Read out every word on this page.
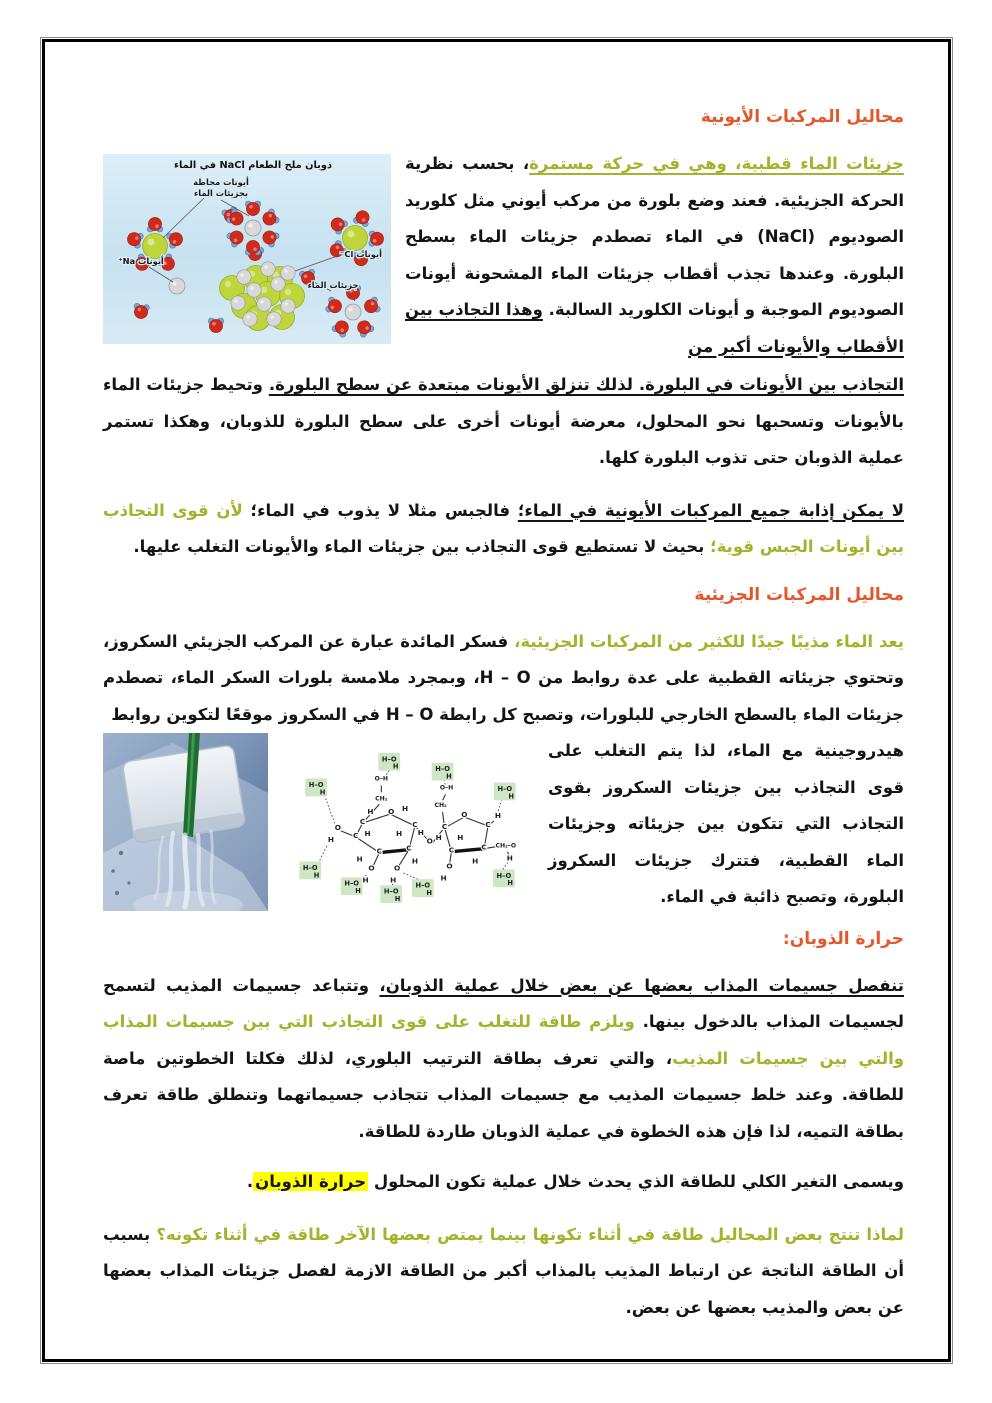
محاليل المركبات الأيونية

جزيئات الماء قطبية، وهي في حركة مستمرة، بحسب نظرية الحركة الجزيئية. فعند وضع بلورة من مركب أيوني مثل كلوريد الصوديوم (NaCl) في الماء تصطدم جزيئات الماء بسطح البلورة. وعندها تجذب أقطاب جزيئات الماء المشحونة أيونات الصوديوم الموجبة و أيونات الكلوريد السالبة. وهذا التجاذب بين الأقطاب والأيونات أكبر من

ذوبان ملح الطعام NaCl في الماء
أيونات محاطة
بجزيئات الماء
أيونات Na⁺
أيونات Cl⁻
جزيئات الماء

التجاذب بين الأيونات في البلورة. لذلك تنزلق الأيونات مبتعدة عن سطح البلورة. وتحيط جزيئات الماء بالأيونات وتسحبها نحو المحلول، معرضة أيونات أخرى على سطح البلورة للذوبان، وهكذا تستمر عملية الذوبان حتى تذوب البلورة كلها.

لا يمكن إذابة جميع المركبات الأيونية في الماء؛ فالجبس مثلا لا يذوب في الماء؛ لأن قوى التجاذب بين أيونات الجبس قوية؛ بحيث لا تستطيع قوى التجاذب بين جزيئات الماء والأيونات التغلب عليها.

محاليل المركبات الجزيئية

يعد الماء مذيبًا جيدًا للكثير من المركبات الجزيئية، فسكر المائدة عبارة عن المركب الجزيئي السكروز، وتحتوي جزيئاته القطبية على عدة روابط من H – O، وبمجرد ملامسة بلورات السكر الماء، تصطدم جزيئات الماء بالسطح الخارجي للبلورات، وتصبح كل رابطة H – O في السكروز موقعًا لتكوين روابط

هيدروجينية مع الماء، لذا يتم التغلب على قوى التجاذب بين جزيئات السكروز بقوى التجاذب التي تتكون بين جزيئاته وجزيئات الماء القطبية، فتترك جزيئات السكروز البلورة، وتصبح ذائبة في الماء.

H–O
H
H–O
H
H–O
H
H–O
H
H–O
H
H–O
H
H–O
H
H–O
H
H–O
H
CH₂
O–H
O
C	C
C
C
C
H	H
H	H
H	H
H
O
H
O
H
O
H
O
CH₂
O–H
O
C	C
C
C
H
H H
H
CH₂–O
H
O
H
حرارة الذوبان:

تنفصل جسيمات المذاب بعضها عن بعض خلال عملية الذوبان، وتتباعد جسيمات المذيب لتسمح لجسيمات المذاب بالدخول بينها. ويلزم طاقة للتغلب على قوى التجاذب التي بين جسيمات المذاب والتي بين جسيمات المذيب، والتي تعرف بطاقة الترتيب البلوري، لذلك فكلتا الخطوتين ماصة للطاقة. وعند خلط جسيمات المذيب مع جسيمات المذاب تتجاذب جسيماتهما وتنطلق طاقة تعرف بطاقة التميه، لذا فإن هذه الخطوة في عملية الذوبان طاردة للطاقة.

ويسمى التغير الكلي للطاقة الذي يحدث خلال عملية تكون المحلول حرارة الذوبان.

لماذا تنتج بعض المحاليل طاقة في أثناء تكونها بينما يمتص بعضها الآخر طاقة في أثناء تكونه؟ بسبب أن الطاقة الناتجة عن ارتباط المذيب بالمذاب أكبر من الطاقة الازمة لفصل جزيئات المذاب بعضها عن بعض والمذيب بعضها عن بعض.
